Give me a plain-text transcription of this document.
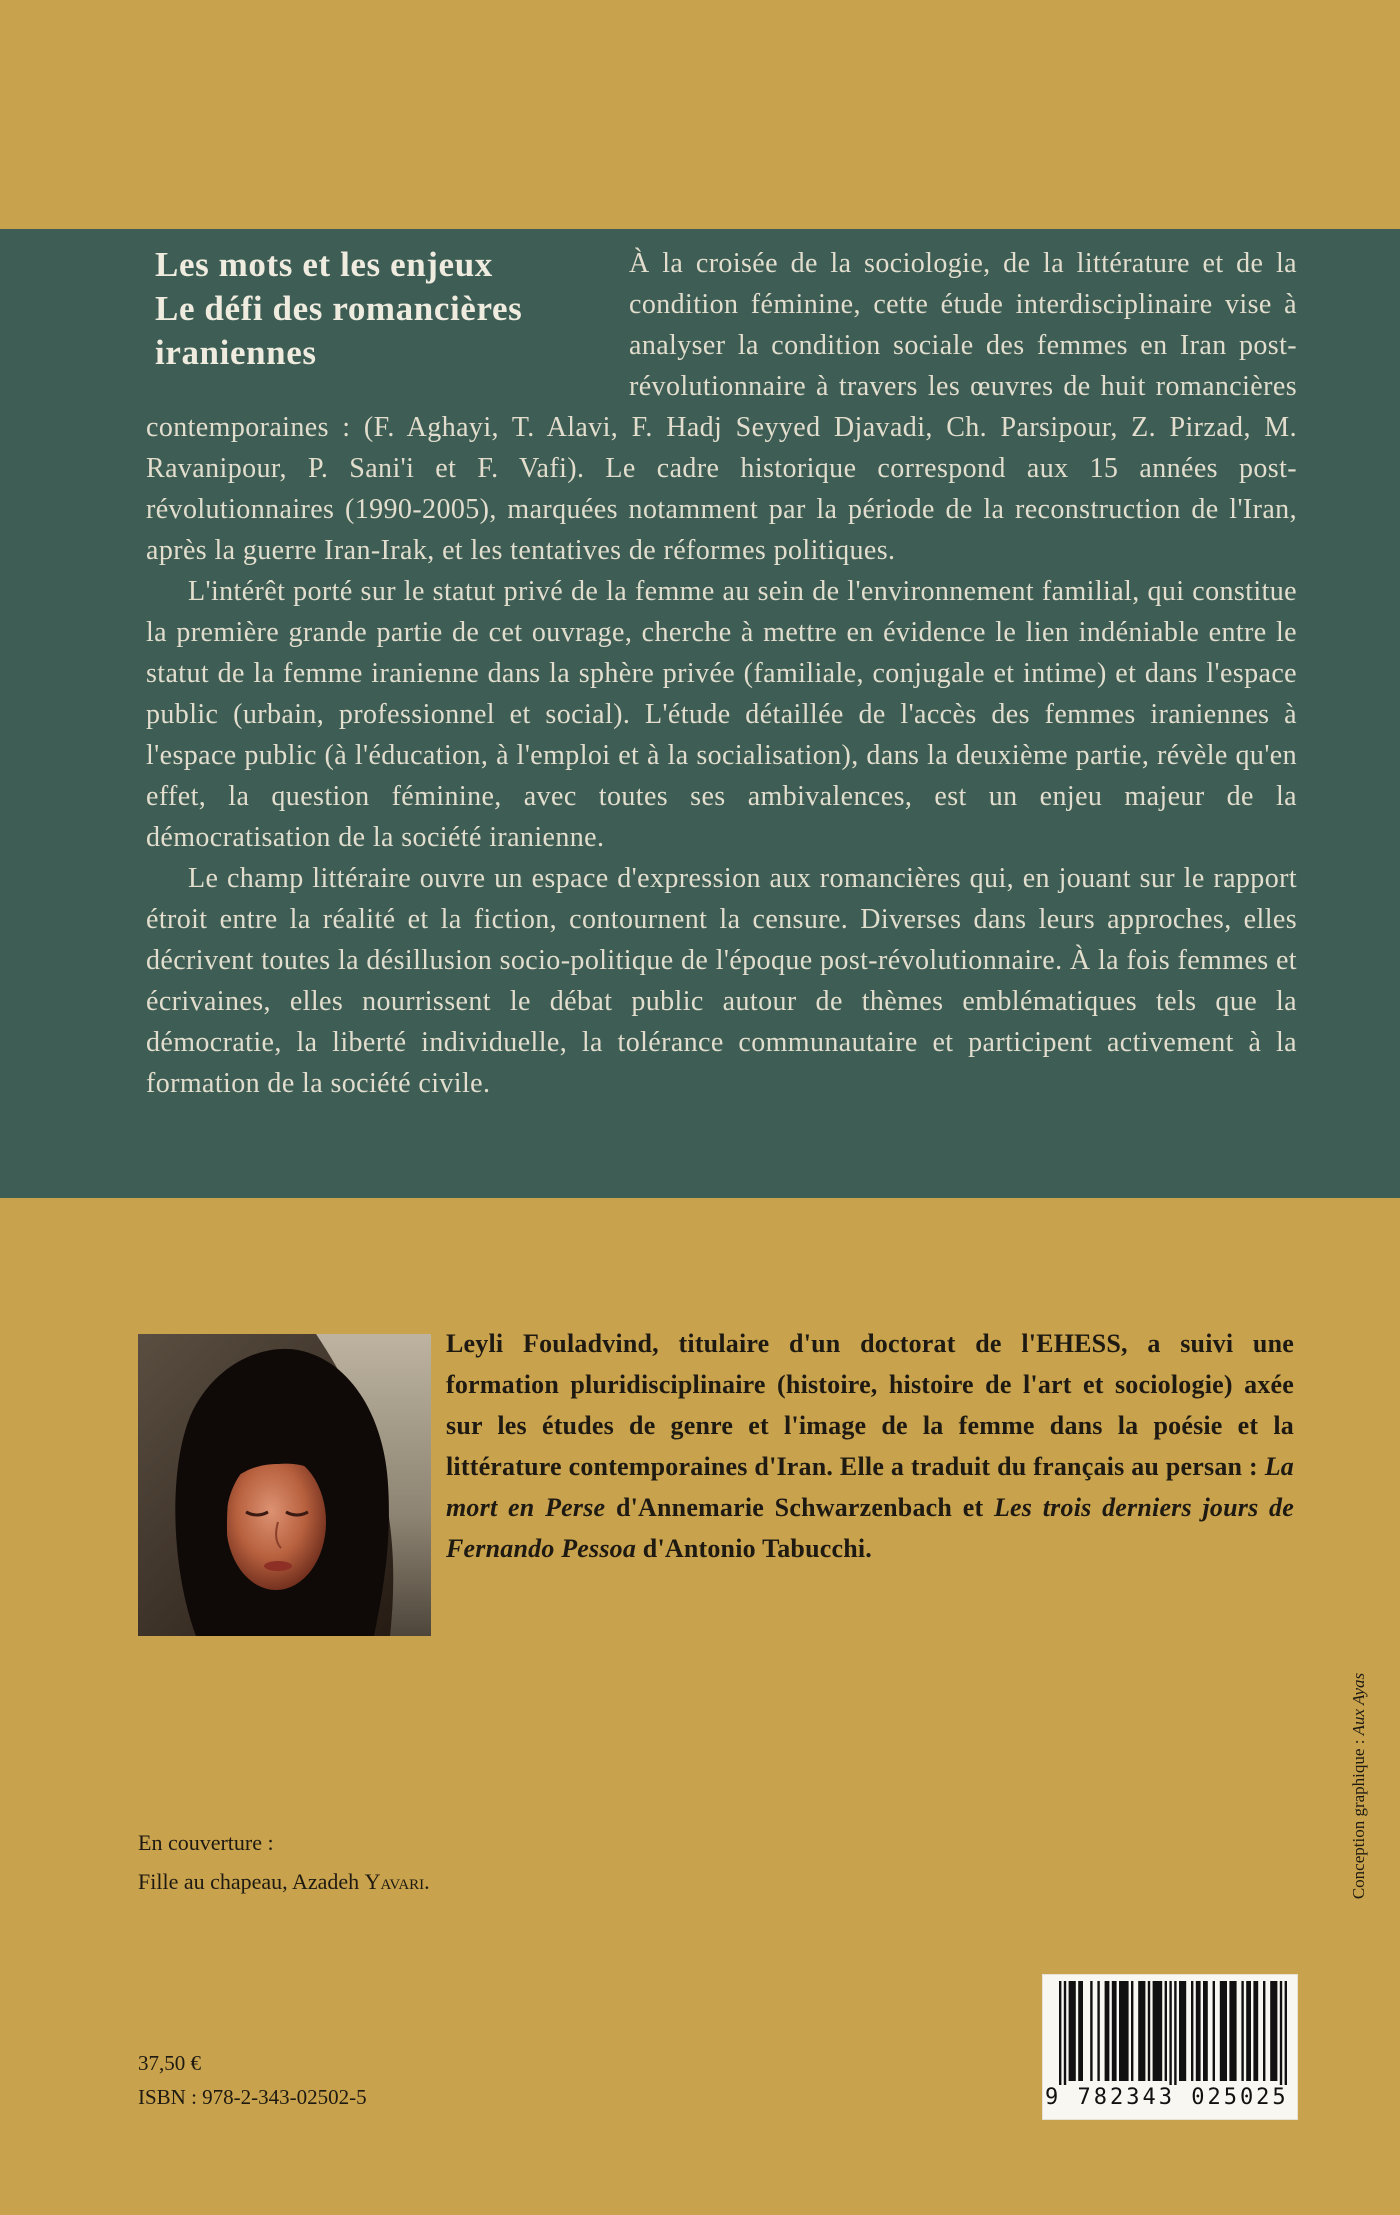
Les mots et les enjeux
Le défi des romancières iraniennes

À la croisée de la sociologie, de la littérature et de la condition féminine, cette étude interdisciplinaire vise à analyser la condition sociale des femmes en Iran post-révolutionnaire à travers les œuvres de huit romancières contemporaines : (F. Aghayi, T. Alavi, F. Hadj Seyyed Djavadi, Ch. Parsipour, Z. Pirzad, M. Ravanipour, P. Sani'i et F. Vafi). Le cadre historique correspond aux 15 années post-révolutionnaires (1990-2005), marquées notamment par la période de la reconstruction de l'Iran, après la guerre Iran-Irak, et les tentatives de réformes politiques.

L'intérêt porté sur le statut privé de la femme au sein de l'environnement familial, qui constitue la première grande partie de cet ouvrage, cherche à mettre en évidence le lien indéniable entre le statut de la femme iranienne dans la sphère privée (familiale, conjugale et intime) et dans l'espace public (urbain, professionnel et social). L'étude détaillée de l'accès des femmes iraniennes à l'espace public (à l'éducation, à l'emploi et à la socialisation), dans la deuxième partie, révèle qu'en effet, la question féminine, avec toutes ses ambivalences, est un enjeu majeur de la démocratisation de la société iranienne.

Le champ littéraire ouvre un espace d'expression aux romancières qui, en jouant sur le rapport étroit entre la réalité et la fiction, contournent la censure. Diverses dans leurs approches, elles décrivent toutes la désillusion socio-politique de l'époque post-révolutionnaire. À la fois femmes et écrivaines, elles nourrissent le débat public autour de thèmes emblématiques tels que la démocratie, la liberté individuelle, la tolérance communautaire et participent activement à la formation de la société civile.

Leyli Fouladvind, titulaire d'un doctorat de l'EHESS, a suivi une formation pluridisciplinaire (histoire, histoire de l'art et sociologie) axée sur les études de genre et l'image de la femme dans la poésie et la littérature contemporaines d'Iran. Elle a traduit du français au persan : La mort en Perse d'Annemarie Schwarzenbach et Les trois derniers jours de Fernando Pessoa d'Antonio Tabucchi.

Conception graphique : Aux Ayas
En couverture :
Fille au chapeau, Azadeh Yavari.
37,50 €
ISBN : 978-2-343-02502-5	9 782343 025025
